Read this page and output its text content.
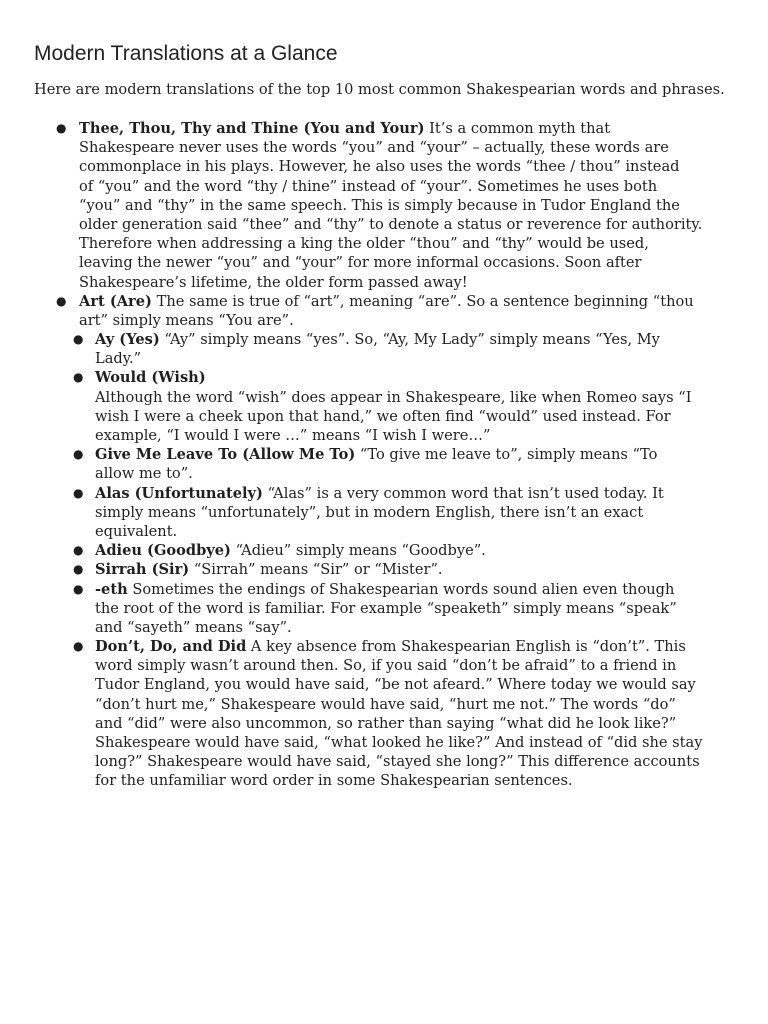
Modern Translations at a Glance

Here are modern translations of the top 10 most common Shakespearian words and phrases.

● Thee, Thou, Thy and Thine (You and Your) It’s a common myth that
Shakespeare never uses the words “you” and “your” – actually, these words are
commonplace in his plays. However, he also uses the words “thee / thou” instead
of “you” and the word “thy / thine” instead of “your”. Sometimes he uses both
“you” and “thy” in the same speech. This is simply because in Tudor England the
older generation said “thee” and “thy” to denote a status or reverence for authority.
Therefore when addressing a king the older “thou” and “thy” would be used,
leaving the newer “you” and “your” for more informal occasions. Soon after
Shakespeare’s lifetime, the older form passed away!
● Art (Are) The same is true of “art”, meaning “are”. So a sentence beginning “thou
art” simply means “You are”.
● Ay (Yes) “Ay” simply means “yes”. So, “Ay, My Lady” simply means “Yes, My
Lady.”
● Would (Wish)
Although the word “wish” does appear in Shakespeare, like when Romeo says “I
wish I were a cheek upon that hand,” we often find “would” used instead. For
example, “I would I were …” means “I wish I were…”
● Give Me Leave To (Allow Me To) “To give me leave to”, simply means “To
allow me to”.
● Alas (Unfortunately) “Alas” is a very common word that isn’t used today. It
simply means “unfortunately”, but in modern English, there isn’t an exact
equivalent.
● Adieu (Goodbye) “Adieu” simply means “Goodbye”.
● Sirrah (Sir) “Sirrah” means “Sir” or “Mister”.
● -eth Sometimes the endings of Shakespearian words sound alien even though
the root of the word is familiar. For example “speaketh” simply means “speak”
and “sayeth” means “say”.
● Don’t, Do, and Did A key absence from Shakespearian English is “don’t”. This
word simply wasn’t around then. So, if you said “don’t be afraid” to a friend in
Tudor England, you would have said, “be not afeard.” Where today we would say
“don’t hurt me,” Shakespeare would have said, “hurt me not.” The words “do”
and “did” were also uncommon, so rather than saying “what did he look like?”
Shakespeare would have said, “what looked he like?” And instead of “did she stay
long?” Shakespeare would have said, “stayed she long?” This difference accounts
for the unfamiliar word order in some Shakespearian sentences.
